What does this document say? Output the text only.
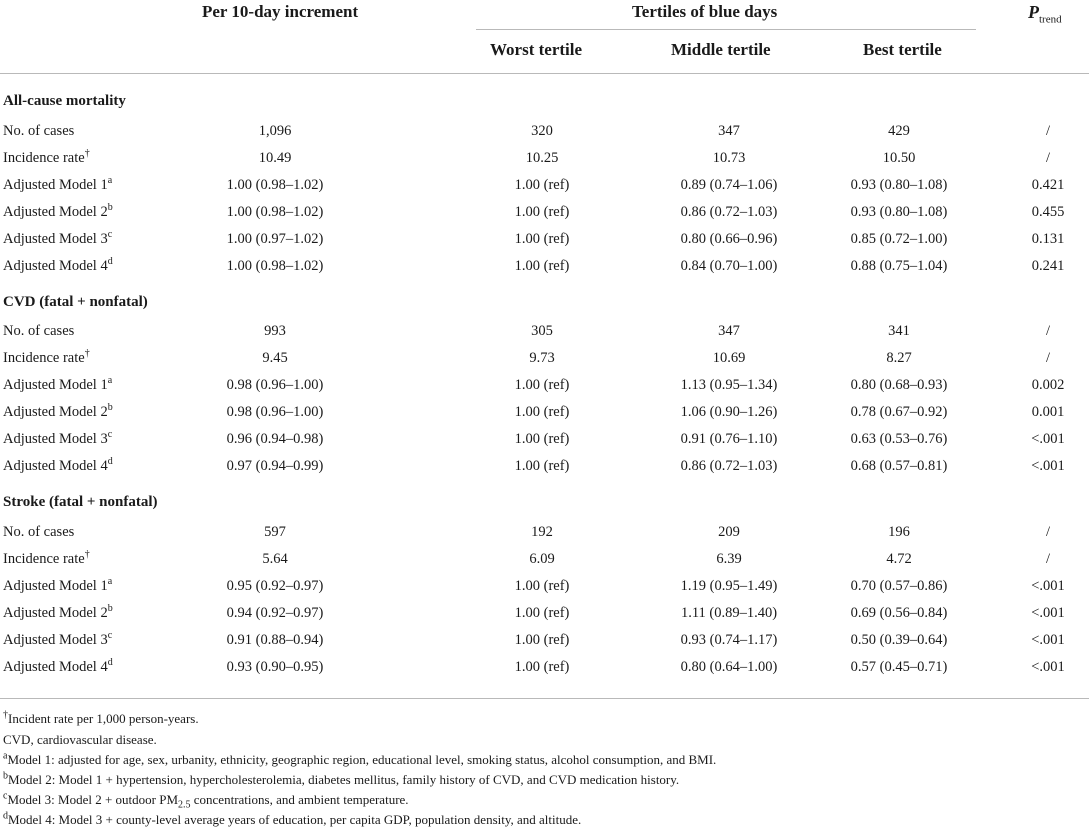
Per 10-day increment	Tertiles of blue days	$P_{trend}$
Worst tertile	Middle tertile	Best tertile
All-cause mortality
No. of cases	1,096	320	347	429	/
Incidence rate†	10.49	10.25	10.73	10.50	/
Adjusted Model 1$^a$	1.00 (0.98–1.02)	1.00 (ref)	0.89 (0.74–1.06)	0.93 (0.80–1.08)	0.421
Adjusted Model 2$^b$	1.00 (0.98–1.02)	1.00 (ref)	0.86 (0.72–1.03)	0.93 (0.80–1.08)	0.455
Adjusted Model 3$^c$	1.00 (0.97–1.02)	1.00 (ref)	0.80 (0.66–0.96)	0.85 (0.72–1.00)	0.131
Adjusted Model 4$^d$	1.00 (0.98–1.02)	1.00 (ref)	0.84 (0.70–1.00)	0.88 (0.75–1.04)	0.241
CVD (fatal + nonfatal)
No. of cases	993	305	347	341	/
Incidence rate†	9.45	9.73	10.69	8.27	/
Adjusted Model 1$^a$	0.98 (0.96–1.00)	1.00 (ref)	1.13 (0.95–1.34)	0.80 (0.68–0.93)	0.002
Adjusted Model 2$^b$	0.98 (0.96–1.00)	1.00 (ref)	1.06 (0.90–1.26)	0.78 (0.67–0.92)	0.001
Adjusted Model 3$^c$	0.96 (0.94–0.98)	1.00 (ref)	0.91 (0.76–1.10)	0.63 (0.53–0.76)	<.001
Adjusted Model 4$^d$	0.97 (0.94–0.99)	1.00 (ref)	0.86 (0.72–1.03)	0.68 (0.57–0.81)	<.001
Stroke (fatal + nonfatal)
No. of cases	597	192	209	196	/
Incidence rate†	5.64	6.09	6.39	4.72	/
Adjusted Model 1$^a$	0.95 (0.92–0.97)	1.00 (ref)	1.19 (0.95–1.49)	0.70 (0.57–0.86)	<.001
Adjusted Model 2$^b$	0.94 (0.92–0.97)	1.00 (ref)	1.11 (0.89–1.40)	0.69 (0.56–0.84)	<.001
Adjusted Model 3$^c$	0.91 (0.88–0.94)	1.00 (ref)	0.93 (0.74–1.17)	0.50 (0.39–0.64)	<.001
Adjusted Model 4$^d$	0.93 (0.90–0.95)	1.00 (ref)	0.80 (0.64–1.00)	0.57 (0.45–0.71)	<.001
†Incident rate per 1,000 person-years.
CVD, cardiovascular disease.
$^a$Model 1: adjusted for age, sex, urbanity, ethnicity, geographic region, educational level, smoking status, alcohol consumption, and BMI.
$^b$Model 2: Model 1 + hypertension, hypercholesterolemia, diabetes mellitus, family history of CVD, and CVD medication history.
$^c$Model 3: Model 2 + outdoor $PM_{2.5}$ concentrations, and ambient temperature.
$^d$Model 4: Model 3 + county-level average years of education, per capita GDP, population density, and altitude.
